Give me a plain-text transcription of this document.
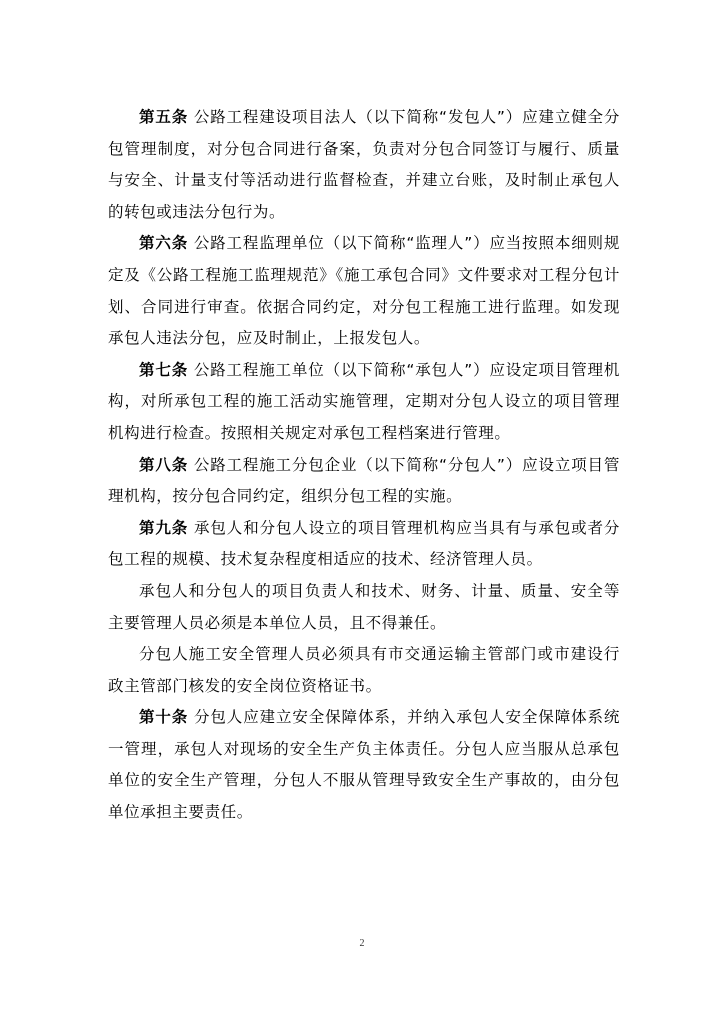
第五条 公路工程建设项目法人（以下简称“发包人”）应建立健全分包管理制度，对分包合同进行备案，负责对分包合同签订与履行、质量与安全、计量支付等活动进行监督检查，并建立台账，及时制止承包人的转包或违法分包行为。

第六条 公路工程监理单位（以下简称“监理人”）应当按照本细则规定及《公路工程施工监理规范》《施工承包合同》文件要求对工程分包计划、合同进行审查。依据合同约定，对分包工程施工进行监理。如发现承包人违法分包，应及时制止，上报发包人。

第七条 公路工程施工单位（以下简称“承包人”）应设定项目管理机构，对所承包工程的施工活动实施管理，定期对分包人设立的项目管理机构进行检查。按照相关规定对承包工程档案进行管理。

第八条 公路工程施工分包企业（以下简称“分包人”）应设立项目管理机构，按分包合同约定，组织分包工程的实施。

第九条 承包人和分包人设立的项目管理机构应当具有与承包或者分包工程的规模、技术复杂程度相适应的技术、经济管理人员。

承包人和分包人的项目负责人和技术、财务、计量、质量、安全等主要管理人员必须是本单位人员，且不得兼任。

分包人施工安全管理人员必须具有市交通运输主管部门或市建设行政主管部门核发的安全岗位资格证书。

第十条 分包人应建立安全保障体系，并纳入承包人安全保障体系统一管理，承包人对现场的安全生产负主体责任。分包人应当服从总承包单位的安全生产管理，分包人不服从管理导致安全生产事故的，由分包单位承担主要责任。

2
